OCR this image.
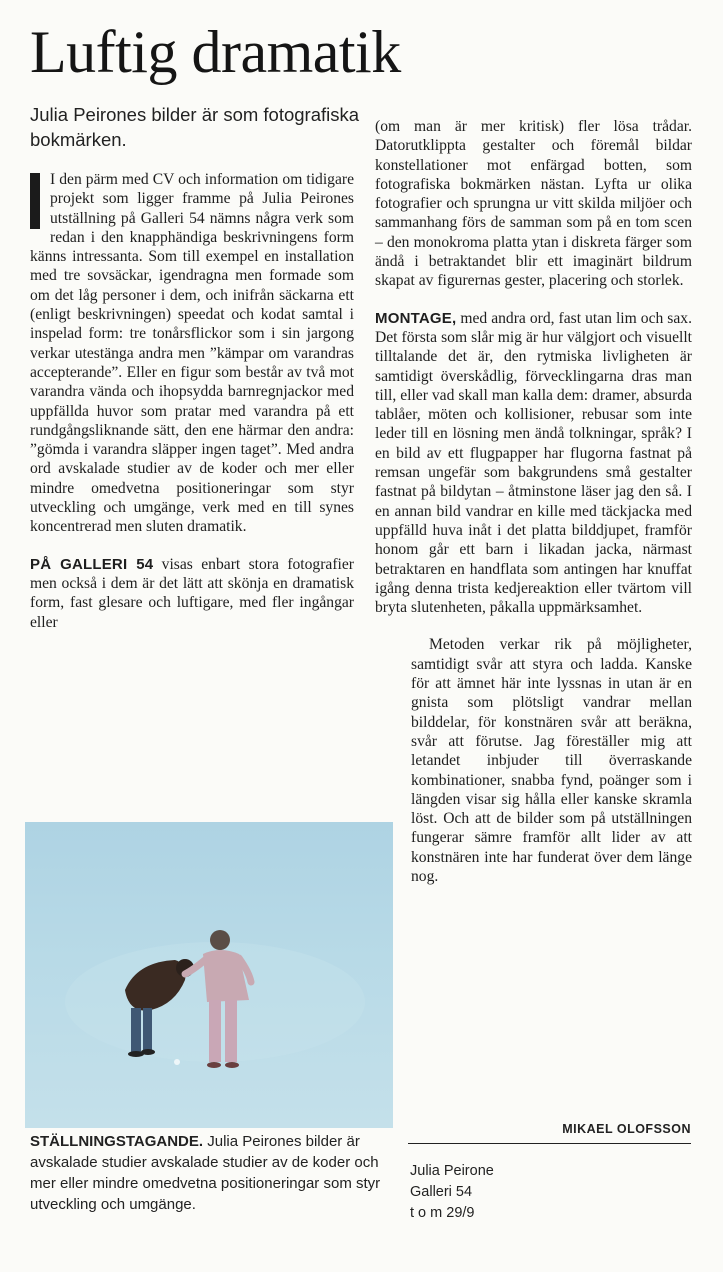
Luftig dramatik
Julia Peirones bilder är som fotografiska bokmärken.

I den pärm med CV och information om tidigare projekt som ligger framme på Julia Peirones utställning på Galleri 54 nämns några verk som redan i den knapphändiga beskrivningens form känns intressanta. Som till exempel en installation med tre sovsäckar, igendragna men formade som om det låg personer i dem, och inifrån säckarna ett (enligt beskrivningen) speedat och kodat samtal i inspelad form: tre tonårsflickor som i sin jargong verkar utestänga andra men ”kämpar om varandras accepterande”. Eller en figur som består av två mot varandra vända och ihopsydda barnregnjackor med uppfällda huvor som pratar med varandra på ett rundgångsliknande sätt, den ene härmar den andra: ”gömda i varandra släpper ingen taget”. Med andra ord avskalade studier av de koder och mer eller mindre omedvetna positioneringar som styr utveckling och umgänge, verk med en till synes koncentrerad men sluten dramatik.

PÅ GALLERI 54 visas enbart stora fotografier men också i dem är det lätt att skönja en dramatisk form, fast glesare och luftigare, med fler ingångar eller

(om man är mer kritisk) fler lösa trådar. Datorutklippta gestalter och föremål bildar konstellationer mot enfärgad botten, som fotografiska bokmärken nästan. Lyfta ur olika fotografier och sprungna ur vitt skilda miljöer och sammanhang förs de samman som på en tom scen – den monokroma platta ytan i diskreta färger som ändå i betraktandet blir ett imaginärt bildrum skapat av figurernas gester, placering och storlek.

MONTAGE, med andra ord, fast utan lim och sax. Det första som slår mig är hur välgjort och visuellt tilltalande det är, den rytmiska livligheten är samtidigt överskådlig, förvecklingarna dras man till, eller vad skall man kalla dem: dramer, absurda tablåer, möten och kollisioner, rebusar som inte leder till en lösning men ändå tolkningar, språk? I en bild av ett flugpapper har flugorna fastnat på remsan ungefär som bakgrundens små gestalter fastnat på bildytan – åtminstone läser jag den så. I en annan bild vandrar en kille med täckjacka med uppfälld huva inåt i det platta bilddjupet, framför honom går ett barn i likadan jacka, närmast betraktaren en handflata som antingen har knuffat igång denna trista kedjereaktion eller tvärtom vill bryta slutenheten, påkalla uppmärksamhet.

Metoden verkar rik på möjligheter, samtidigt svår att styra och ladda. Kanske för att ämnet här inte lyssnas in utan är en gnista som plötsligt vandrar mellan bilddelar, för konstnären svår att beräkna, svår att förutse. Jag föreställer mig att letandet inbjuder till överraskande kombinationer, snabba fynd, poänger som i längden visar sig hålla eller kanske skramla löst. Och att de bilder som på utställningen fungerar sämre framför allt lider av att konstnären inte har funderat över dem länge nog.

STÄLLNINGSTAGANDE. Julia Peirones bilder är avskalade studier avskalade studier av de koder och mer eller mindre omedvetna positioneringar som styr utveckling och umgänge.
MIKAEL OLOFSSON
Julia Peirone
Galleri 54
t o m 29/9
